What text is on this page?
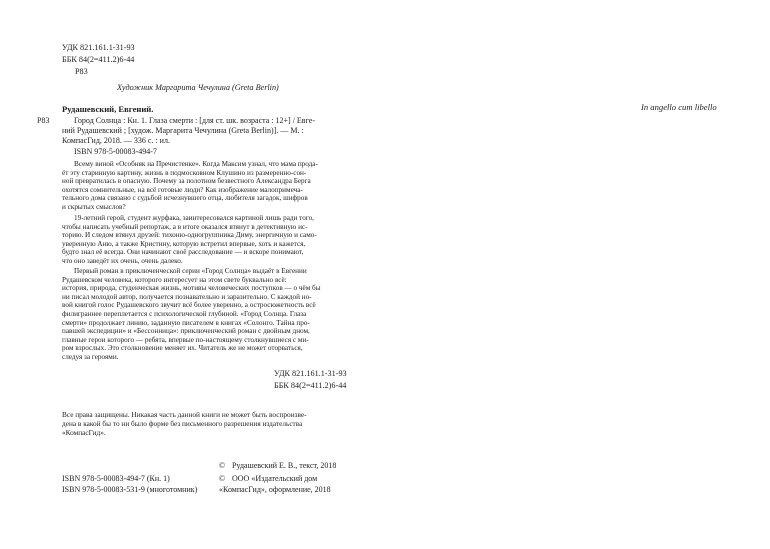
УДК 821.161.1-31-93
ББК 84(2=411.2)6-44
Р83
Художник Маргарита Чечулина (Greta Berlin)
Рудашевский, Евгений.
Р83	Город Солнца : Кн. 1. Глаза смерти : [для ст. шк. возраста : 12+] / Евге-
ний Рудашевский ; [худож. Маргарита Чечулина (Greta Berlin)]. — М. :
КомпасГид, 2018. — 336 с. : ил.
ISBN 978-5-00083-494-7
Всему виной «Особняк на Пречистенке». Когда Максим узнал, что мама прода-
ёт эту старинную картину, жизнь в подмосковном Клушино из размеренно-сон-
ной превратилась в опасную. Почему за полотном безвестного Александра Берга
охотятся сомнительные, на всё готовые люди? Как изображение малопримеча-
тельного дома связано с судьбой исчезнувшего отца, любителя загадок, шифров
и скрытых смыслов?
19-летний герой, студент журфака, заинтересовался картиной лишь ради того,
чтобы написать учебный репортаж, а в итоге оказался втянут в детективную ис-
торию. И следом втянул друзей: тихоню-одногруппника Диму, энергичную и само-
уверенную Аню, а также Кристину, которую встретил впервые, хоть и кажется,
будто знал её всегда. Они начинают своё расследование — и вскоре понимают,
что оно заведёт их очень, очень далеко.
Первый роман в приключенческой серии «Город Солнца» выдаёт в Евгении
Рудашевском человека, которого интересует на этом свете буквально всё:
история, природа, студенческая жизнь, мотивы человеческих поступков — о чём бы
ни писал молодой автор, получается познавательно и заразительно. С каждой но-
вой книгой голос Рудашевского звучит всё более уверенно, а остросюжетность всё
филиграннее переплетается с психологической глубиной. «Город Солнца. Глаза
смерти» продолжает линию, заданную писателем в книгах «Солонго. Тайна про-
павшей экспедиции» и «Бессонница»: приключенческий роман с двойным дном,
главные герои которого — ребята, впервые по-настоящему столкнувшиеся с ми-
ром взрослых. Это столкновение меняет их. Читатель же не может оторваться,
следуя за героями.
УДК 821.161.1-31-93
ББК 84(2=411.2)6-44
Все права защищены. Никакая часть данной книги не может быть воспроизве-
дена в какой бы то ни было форме без письменного разрешения издательства
«КомпасГид».
ISBN 978-5-00083-494-7 (Кн. 1)
ISBN 978-5-00083-531-9 (многотомник)
© Рудашевский Е. В., текст, 2018
© ООО «Издательский дом
«КомпасГид», оформление, 2018
In angello cum libello
